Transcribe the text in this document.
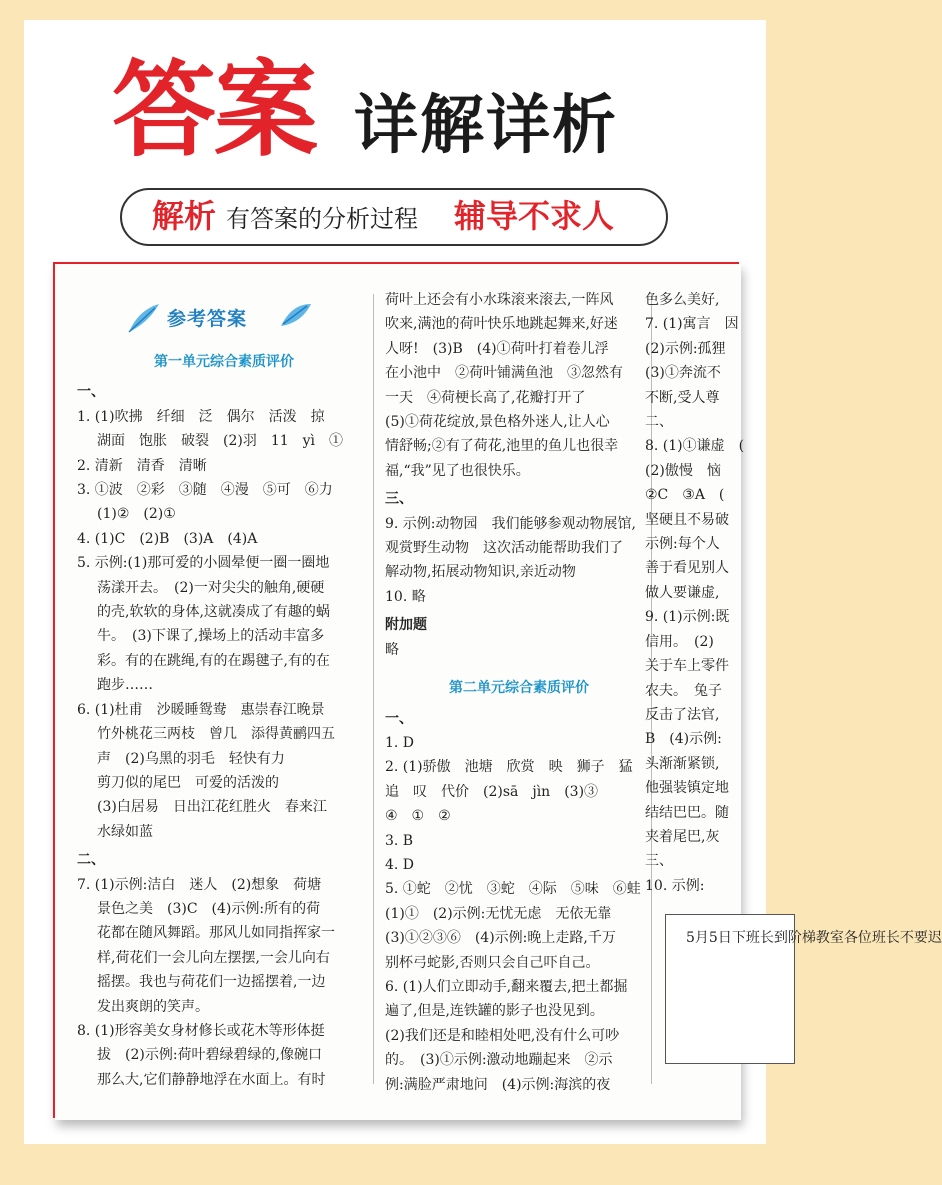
答案 详解详析
解析 有答案的分析过程 辅导不求人
参考答案
第一单元综合素质评价
一、
1. (1)吹拂　纤细　泛　偶尔　活泼　掠
湖面　饱胀　破裂　(2)羽　11　yì　①
2. 清新　清香　清晰
3. ①波　②彩　③随　④漫　⑤可　⑥力
(1)②　(2)①
4. (1)C　(2)B　(3)A　(4)A
5. 示例:(1)那可爱的小圆晕便一圈一圈地
荡漾开去。　(2)一对尖尖的触角,硬硬
的壳,软软的身体,这就凑成了有趣的蜗
牛。　(3)下课了,操场上的活动丰富多
彩。有的在跳绳,有的在踢毽子,有的在
跑步……
6. (1)杜甫　沙暖睡鸳鸯　惠崇春江晚景
竹外桃花三两枝　曾几　添得黄鹂四五
声　(2)乌黑的羽毛　轻快有力
剪刀似的尾巴　可爱的活泼的
(3)白居易　日出江花红胜火　春来江
水绿如蓝
二、
7. (1)示例:洁白　迷人　(2)想象　荷塘
景色之美　(3)C　(4)示例:所有的荷
花都在随风舞蹈。那风儿如同指挥家一
样,荷花们一会儿向左摆摆,一会儿向右
摇摆。我也与荷花们一边摇摆着,一边
发出爽朗的笑声。
8. (1)形容美女身材修长或花木等形体挺
拔　(2)示例:荷叶碧绿碧绿的,像碗口
那么大,它们静静地浮在水面上。有时
荷叶上还会有小水珠滚来滚去,一阵风
吹来,满池的荷叶快乐地跳起舞来,好迷
人呀!　(3)B　(4)①荷叶打着卷儿浮
在小池中　②荷叶铺满鱼池　③忽然有
一天　④荷梗长高了,花瓣打开了
(5)①荷花绽放,景色格外迷人,让人心
情舒畅;②有了荷花,池里的鱼儿也很幸
福,“我”见了也很快乐。
三、
9. 示例:动物园　我们能够参观动物展馆,
观赏野生动物　这次活动能帮助我们了
解动物,拓展动物知识,亲近动物
10. 略
附加题
略
第二单元综合素质评价
一、
1. D
2. (1)骄傲　池塘　欣赏　映　狮子　猛
追　叹　代价　(2)sā　jìn　(3)③
④　①　②
3. B
4. D
5. ①蛇　②忧　③蛇　④际　⑤味　⑥蛙
(1)①　(2)示例:无忧无虑　无依无靠
(3)①②③⑥　(4)示例:晚上走路,千万
别杯弓蛇影,否则只会自己吓自己。
6. (1)人们立即动手,翻来覆去,把土都掘
遍了,但是,连铁罐的影子也没见到。
(2)我们还是和睦相处吧,没有什么可吵
的。　(3)①示例:激动地蹦起来　②示
例:满脸严肃地问　(4)示例:海滨的夜
色多么美好,
7. (1)寓言　因
(2)示例:孤狸
(3)①奔流不
不断,受人尊
二、
8. (1)①谦虚　(
(2)傲慢　恼
②C　③A　(
坚硬且不易破
示例:每个人
善于看见别人
做人要谦虚,
9. (1)示例:既
信用。　(2)
关于车上零件
农夫。　兔子
反击了法官,
B　(4)示例:
头渐渐紧锁,
他强装镇定地
结结巴巴。随
夹着尾巴,灰
三、
10. 示例:
　5月5日下班长到阶梯教室各位班长不要迟
